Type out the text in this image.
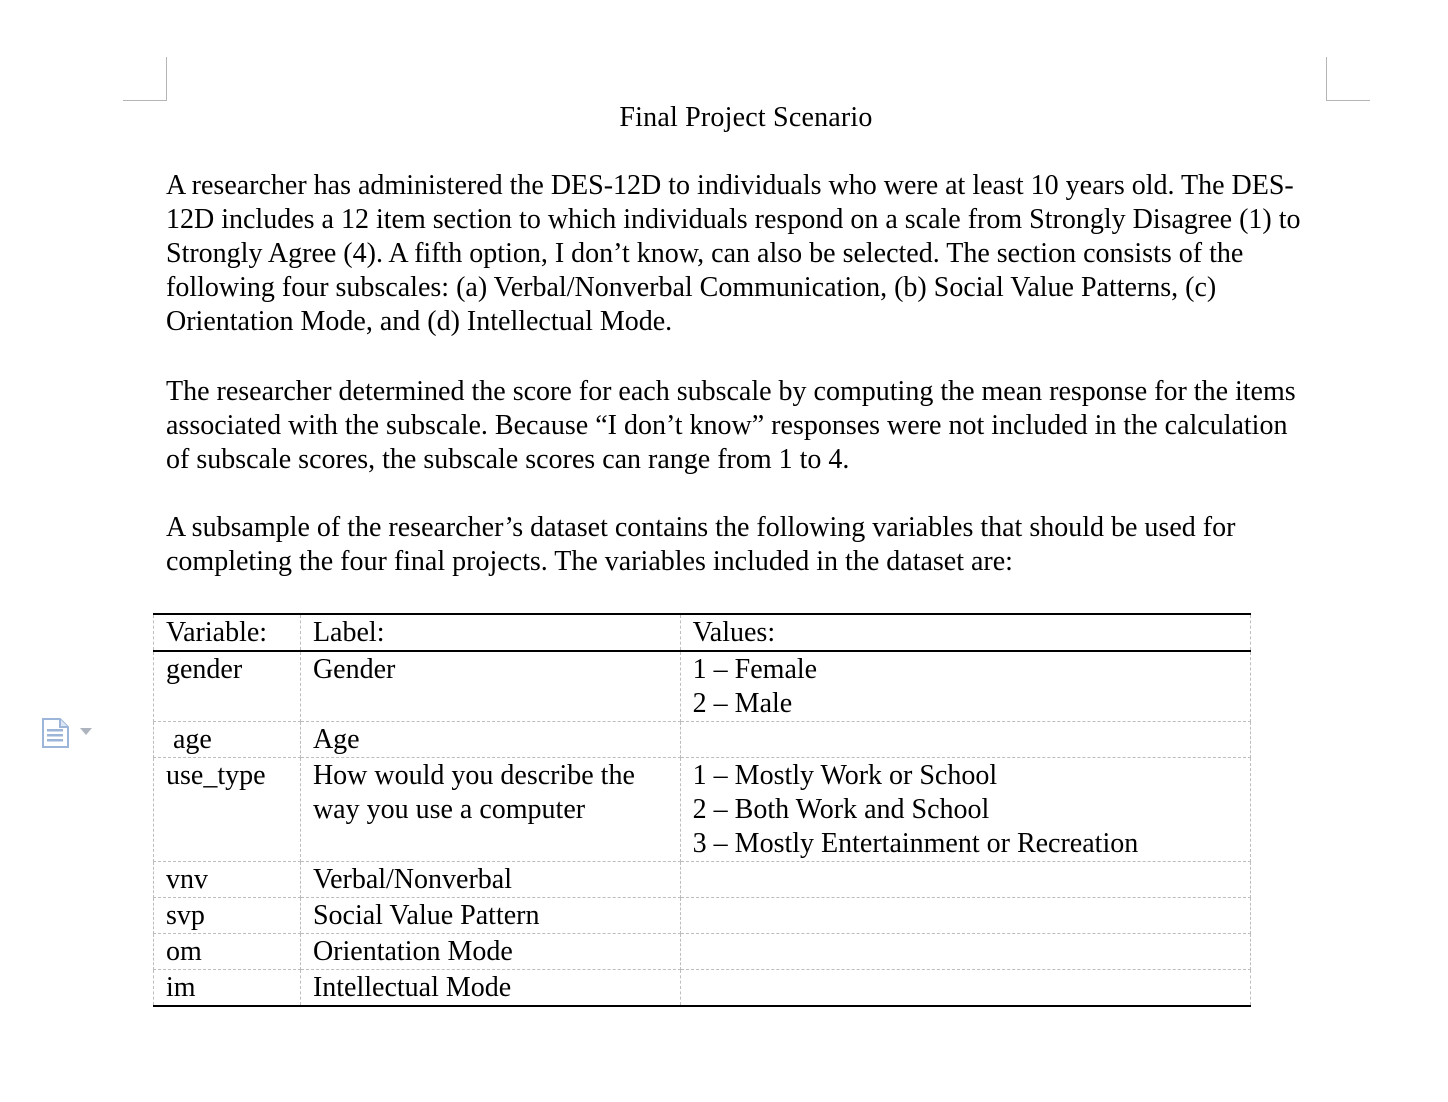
Final Project Scenario

A researcher has administered the DES-12D to individuals who were at least 10 years old. The DES-12D includes a 12 item section to which individuals respond on a scale from Strongly Disagree (1) to Strongly Agree (4). A fifth option, I don’t know, can also be selected. The section consists of the following four subscales: (a) Verbal/Nonverbal Communication, (b) Social Value Patterns, (c) Orientation Mode, and (d) Intellectual Mode.

The researcher determined the score for each subscale by computing the mean response for the items associated with the subscale. Because “I don’t know” responses were not included in the calculation of subscale scores, the subscale scores can range from 1 to 4.

A subsample of the researcher’s dataset contains the following variables that should be used for completing the four final projects. The variables included in the dataset are:

Variable:	Label:	Values:
gender	Gender	1 – Female
2 – Male

age	Age	

use_type	How would you describe the
way you use a computer	1 – Mostly Work or School
2 – Both Work and School
3 – Mostly Entertainment or Recreation

vnv	Verbal/Nonverbal	

svp	Social Value Pattern	

om	Orientation Mode	

im	Intellectual Mode	
